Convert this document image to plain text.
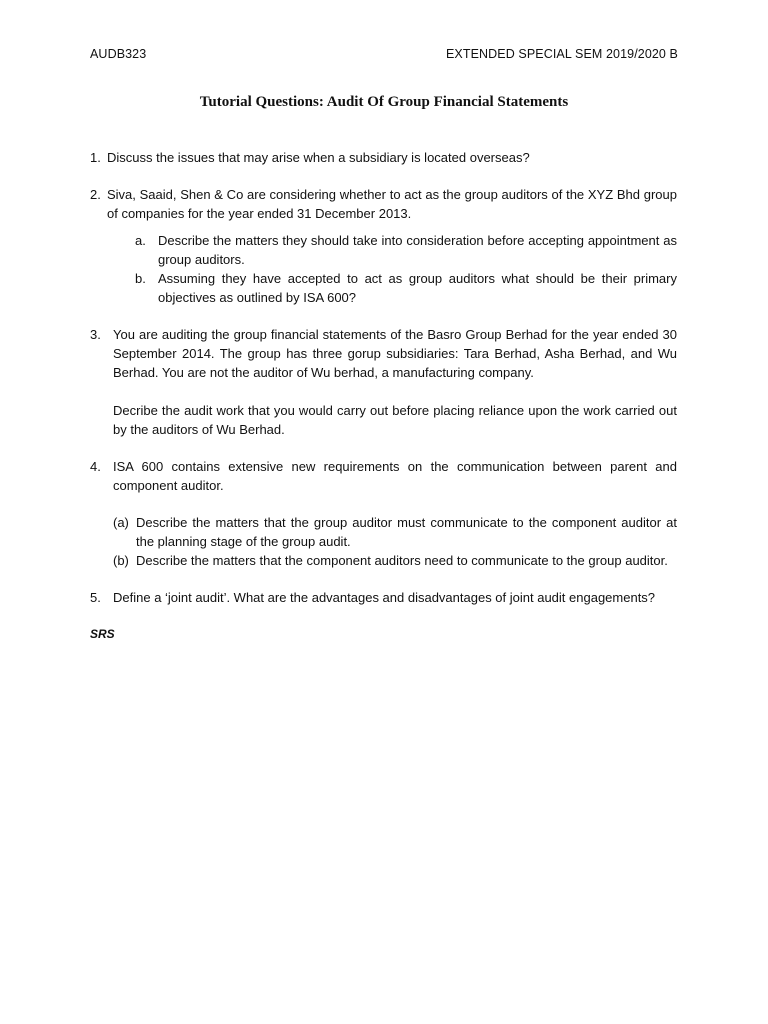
AUDB323	EXTENDED SPECIAL SEM 2019/2020 B
Tutorial Questions: Audit Of Group Financial Statements
1. Discuss the issues that may arise when a subsidiary is located overseas?
2. Siva, Saaid, Shen & Co are considering whether to act as the group auditors of the XYZ Bhd group of companies for the year ended 31 December 2013.
a. Describe the matters they should take into consideration before accepting appointment as group auditors.
b. Assuming they have accepted to act as group auditors what should be their primary objectives as outlined by ISA 600?
3. You are auditing the group financial statements of the Basro Group Berhad for the year ended 30 September 2014. The group has three gorup subsidiaries: Tara Berhad, Asha Berhad, and Wu Berhad. You are not the auditor of Wu berhad, a manufacturing company.
Decribe the audit work that you would carry out before placing reliance upon the work carried out by the auditors of Wu Berhad.
4. ISA 600 contains extensive new requirements on the communication between parent and component auditor.
(a) Describe the matters that the group auditor must communicate to the component auditor at the planning stage of the group audit.
(b) Describe the matters that the component auditors need to communicate to the group auditor.
5. Define a ‘joint audit’. What are the advantages and disadvantages of joint audit engagements?
SRS
